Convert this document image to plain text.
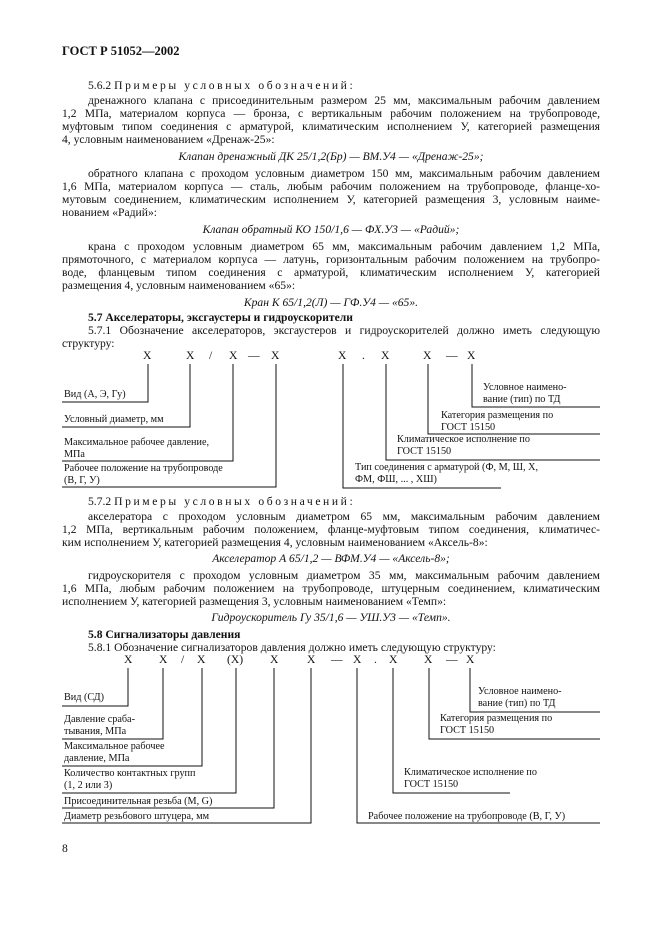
ГОСТ Р 51052—2002
5.6.2 Примеры условных обозначений:
дренажного клапана с присоединительным размером 25 мм, максимальным рабочим давлением
1,2 МПа, материалом корпуса — бронза, с вертикальным рабочим положением на трубопроводе,
муфтовым типом соединения с арматурой, климатическим исполнением У, категорией размещения
4, условным наименованием «Дренаж-25»:
Клапан дренажный ДК 25/1,2(Бр) — ВМ.У4 — «Дренаж-25»;
обратного клапана с проходом условным диаметром 150 мм, максимальным рабочим давлением
1,6 МПа, материалом корпуса — сталь, любым рабочим положением на трубопроводе, фланце-хо-
мутовым соединением, климатическим исполнением У, категорией размещения 3, условным наиме-
нованием «Радий»:
Клапан обратный КО 150/1,6 — ФХ.У3 — «Радий»;
крана с проходом условным диаметром 65 мм, максимальным рабочим давлением 1,2 МПа,
прямоточного, с материалом корпуса — латунь, горизонтальным рабочим положением на трубопро-
воде, фланцевым типом соединения с арматурой, климатическим исполнением У, категорией
размещения 4, условным наименованием «65»:
Кран К 65/1,2(Л) — ГФ.У4 — «65».
5.7 Акселераторы, эксгаустеры и гидроускорители
5.7.1 Обозначение акселераторов, эксгаустеров и гидроускорителей должно иметь следующую
структуру:
Х	Х / Х — Х	Х . Х	Х — Х
Вид (А, Э, Гу)
Условный диаметр, мм
Максимальное рабочее давление,
МПа
Рабочее положение на трубопроводе
(В, Г, У)
Условное наимено-
вание (тип) по ТД
Категория размещения по
ГОСТ 15150
Климатическое исполнение по
ГОСТ 15150
Тип соединения с арматурой (Ф, М, Ш, Х,
ФМ, ФШ, ... , ХШ)
5.7.2 Примеры условных обозначений:
акселератора с проходом условным диаметром 65 мм, максимальным рабочим давлением
1,2 МПа, вертикальным рабочим положением, фланце-муфтовым типом соединения, климатичес-
ким исполнением У, категорией размещения 4, условным наименованием «Аксель-8»:
Акселератор А 65/1,2 — ВФМ.У4 — «Аксель-8»;
гидроускорителя с проходом условным диаметром 35 мм, максимальным рабочим давлением
1,6 МПа, любым рабочим положением на трубопроводе, штуцерным соединением, климатическим
исполнением У, категорией размещения 3, условным наименованием «Темп»:
Гидроускоритель Гу 35/1,6 — УШ.У3 — «Темп».
5.8 Сигнализаторы давления
5.8.1 Обозначение сигнализаторов давления должно иметь следующую структуру:
Х Х / Х (Х) Х Х — Х . Х Х — Х
Вид (СД)
Давление сраба-
тывания, МПа
Максимальное рабочее
давление, МПа
Количество контактных групп
(1, 2 или 3)
Присоединительная резьба (М, G)
Диаметр резьбового штуцера, мм
Условное наимено-
вание (тип) по ТД
Категория размещения по
ГОСТ 15150
Климатическое исполнение по
ГОСТ 15150
Рабочее положение на трубопроводе (В, Г, У)
8
